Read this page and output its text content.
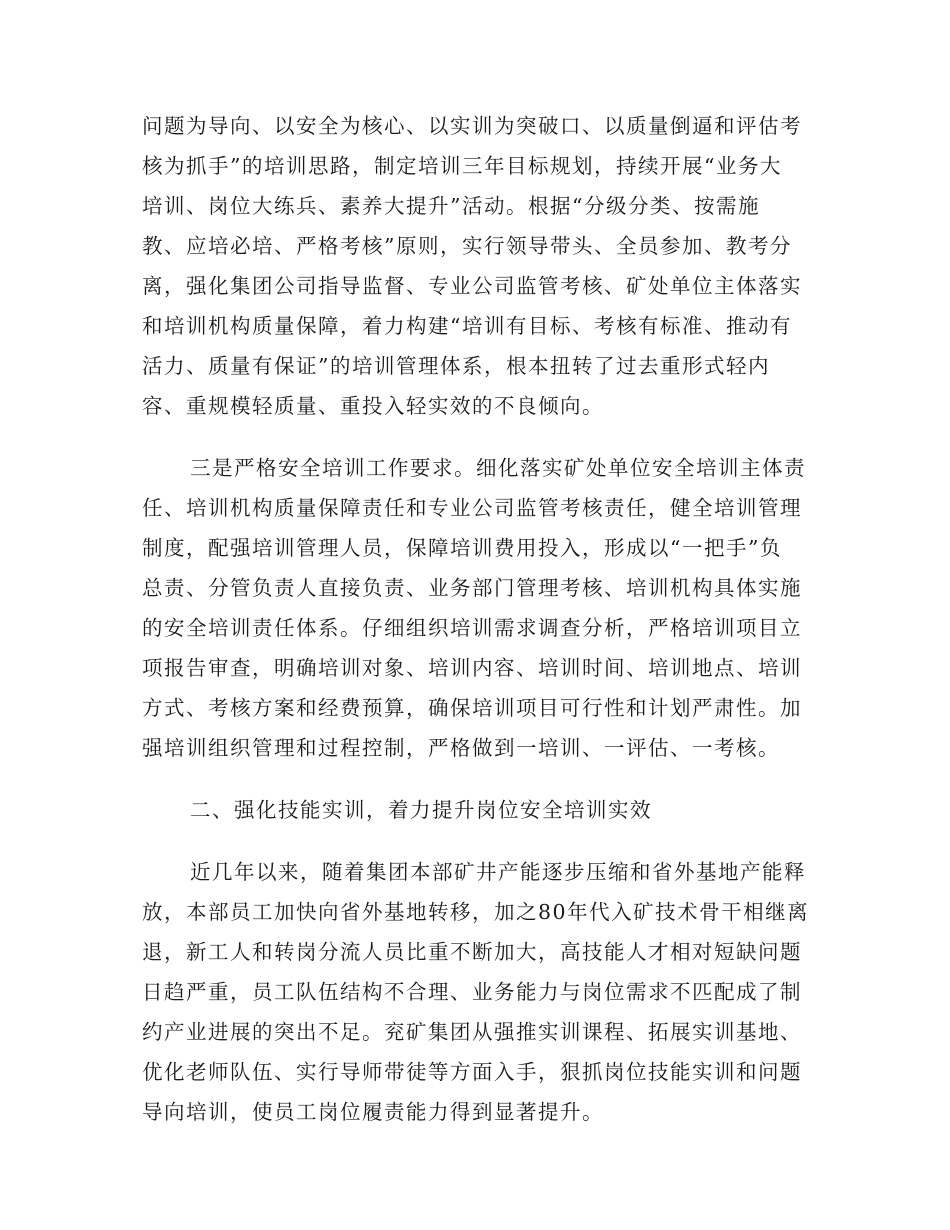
问题为导向、以安全为核心、以实训为突破口、以质量倒逼和评估考
核为抓手”的培训思路，制定培训三年目标规划，持续开展“业务大
培训、岗位大练兵、素养大提升”活动。根据“分级分类、按需施
教、应培必培、严格考核”原则，实行领导带头、全员参加、教考分
离，强化集团公司指导监督、专业公司监管考核、矿处单位主体落实
和培训机构质量保障，着力构建“培训有目标、考核有标准、推动有
活力、质量有保证”的培训管理体系，根本扭转了过去重形式轻内
容、重规模轻质量、重投入轻实效的不良倾向。
三是严格安全培训工作要求。细化落实矿处单位安全培训主体责
任、培训机构质量保障责任和专业公司监管考核责任，健全培训管理
制度，配强培训管理人员，保障培训费用投入，形成以“一把手”负
总责、分管负责人直接负责、业务部门管理考核、培训机构具体实施
的安全培训责任体系。仔细组织培训需求调查分析，严格培训项目立
项报告审查，明确培训对象、培训内容、培训时间、培训地点、培训
方式、考核方案和经费预算，确保培训项目可行性和计划严肃性。加
强培训组织管理和过程控制，严格做到一培训、一评估、一考核。
二、强化技能实训，着力提升岗位安全培训实效
近几年以来，随着集团本部矿井产能逐步压缩和省外基地产能释
放，本部员工加快向省外基地转移，加之80年代入矿技术骨干相继离
退，新工人和转岗分流人员比重不断加大，高技能人才相对短缺问题
日趋严重，员工队伍结构不合理、业务能力与岗位需求不匹配成了制
约产业进展的突出不足。兖矿集团从强推实训课程、拓展实训基地、
优化老师队伍、实行导师带徒等方面入手，狠抓岗位技能实训和问题
导向培训，使员工岗位履责能力得到显著提升。
